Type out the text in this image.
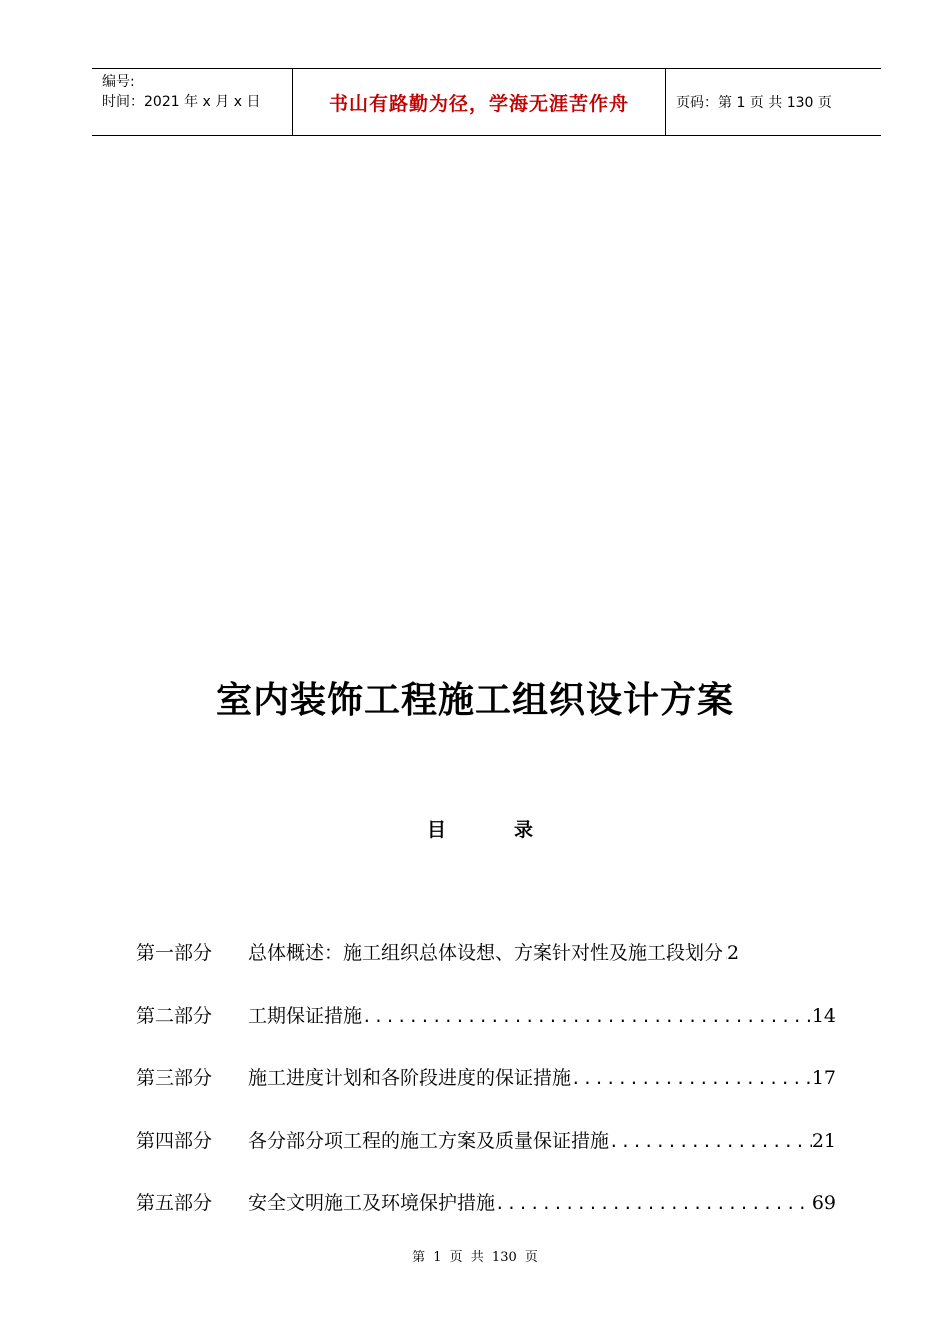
编号:
时间：2021 年 x 月 x 日	书山有路勤为径，学海无涯苦作舟	页码：第 1 页 共 130 页
室内装饰工程施工组织设计方案
目	录
第一部分	总体概述：施工组织总体设想、方案针对性及施工段划分 ..... 2
第二部分	工期保证措施 .....	14
第三部分	施工进度计划和各阶段进度的保证措施 .....	17
第四部分	各分部分项工程的施工方案及质量保证措施 .....	21
第五部分	安全文明施工及环境保护措施 .....	69
第 1 页 共 130 页
